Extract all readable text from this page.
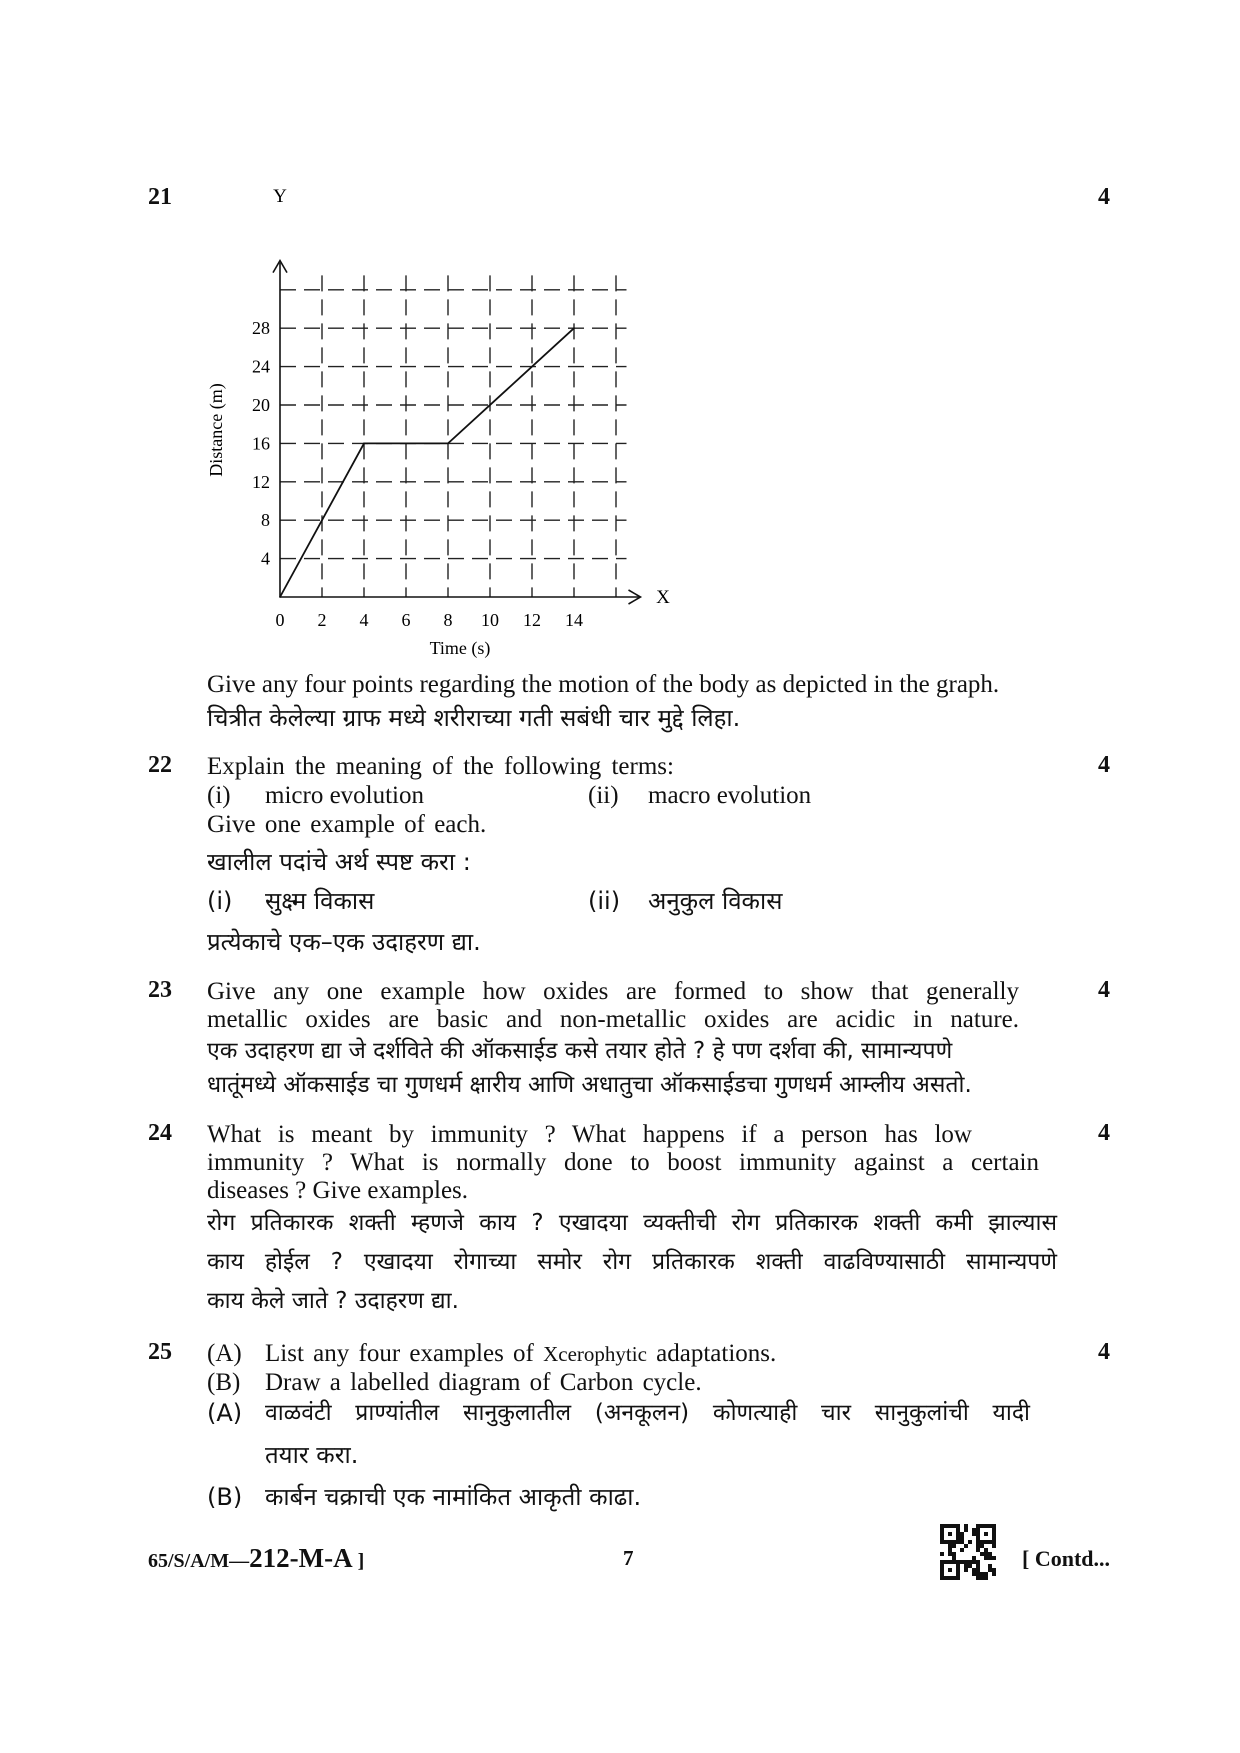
21	4
0 2 4 6 8 10 12 14
4
8
12
16
20
24
28
Y
X
Time (s)
Distance (m)
Give any four points regarding the motion of the body as depicted in the graph.
चित्रीत केलेल्या ग्राफ मध्ये शरीराच्या गती सबंधी चार मुद्दे लिहा.
22	4
Explain the meaning of the following terms:
(i) micro evolution	(ii) macro evolution
Give one example of each.
खालील पदांचे अर्थ स्पष्ट करा :
(i) सुक्ष्म विकास	(ii) अनुकुल विकास
प्रत्येकाचे एक–एक उदाहरण द्या.
23	4
Give any one example how oxides are formed to show that generally
metallic oxides are basic and non-metallic oxides are acidic in nature.
एक उदाहरण द्या जे दर्शविते की ऑकसाईड कसे तयार होते ? हे पण दर्शवा की, सामान्यपणे
धातूंमध्ये ऑकसाईड चा गुणधर्म क्षारीय आणि अधातुचा ऑकसाईडचा गुणधर्म आम्लीय असतो.
24	4
What is meant by immunity ? What happens if a person has low
immunity ? What is normally done to boost immunity against a certain
diseases ? Give examples.
रोग प्रतिकारक शक्ती म्हणजे काय ? एखादया व्यक्तीची रोग प्रतिकारक शक्ती कमी झाल्यास
काय होईल ? एखादया रोगाच्या समोर रोग प्रतिकारक शक्ती वाढविण्यासाठी सामान्यपणे
काय केले जाते ? उदाहरण द्या.
25	4
(A) List any four examples of Xcerophytic adaptations.
(B) Draw a labelled diagram of Carbon cycle.
(A) वाळवंटी प्राण्यांतील सानुकुलातील (अनकूलन) कोणत्याही चार सानुकुलांची यादी
तयार करा.
(B) कार्बन चक्राची एक नामांकित आकृती काढा.
65/S/A/M—212-M-A ]	7	[ Contd...
